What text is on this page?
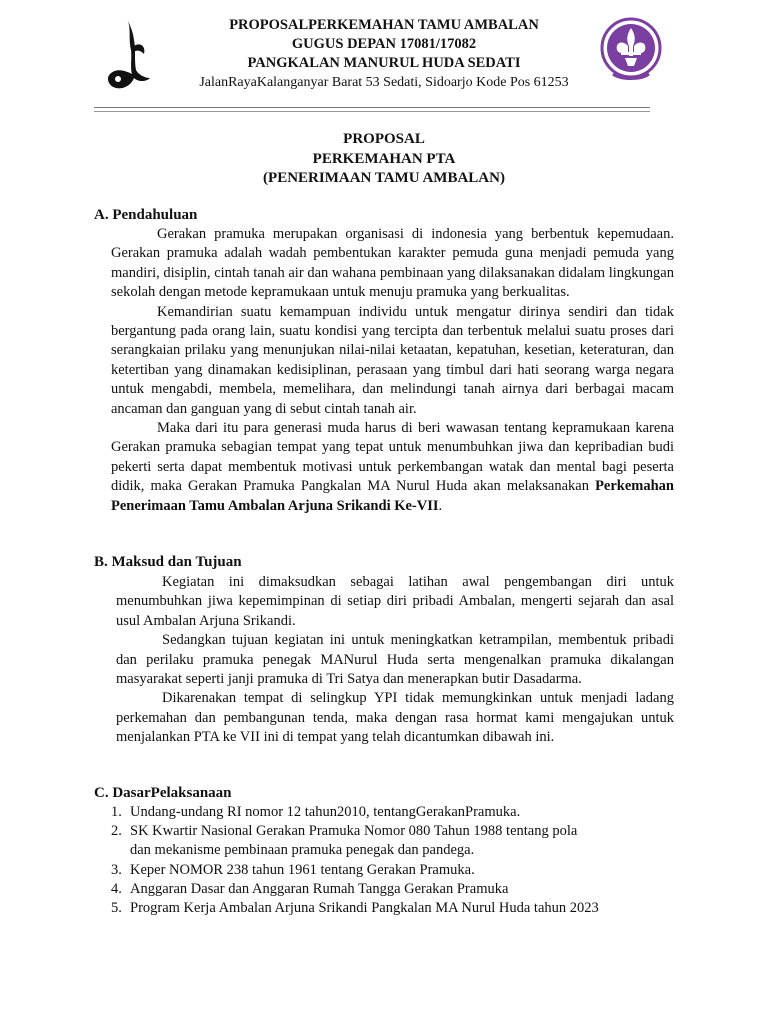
PROPOSALPERKEMAHAN TAMU AMBALAN
GUGUS DEPAN 17081/17082
PANGKALAN MANURUL HUDA SEDATI
JalanRayaKalanganyar Barat 53 Sedati, Sidoarjo Kode Pos 61253
PROPOSAL
PERKEMAHAN PTA
(PENERIMAAN TAMU AMBALAN)
A. Pendahuluan

Gerakan pramuka merupakan organisasi di indonesia yang berbentuk kepemudaan. Gerakan pramuka adalah wadah pembentukan karakter pemuda guna menjadi pemuda yang mandiri, disiplin, cintah tanah air dan wahana pembinaan yang dilaksanakan didalam lingkungan sekolah dengan metode kepramukaan untuk menuju pramuka yang berkualitas.

Kemandirian suatu kemampuan individu untuk mengatur dirinya sendiri dan tidak bergantung pada orang lain, suatu kondisi yang tercipta dan terbentuk melalui suatu proses dari serangkaian prilaku yang menunjukan nilai-nilai ketaatan, kepatuhan, kesetian, keteraturan, dan ketertiban yang dinamakan kedisiplinan, perasaan yang timbul dari hati seorang warga negara untuk mengabdi, membela, memelihara, dan melindungi tanah airnya dari berbagai macam ancaman dan ganguan yang di sebut cintah tanah air.

Maka dari itu para generasi muda harus di beri wawasan tentang kepramukaan karena Gerakan pramuka sebagian tempat yang tepat untuk menumbuhkan jiwa dan kepribadian budi pekerti serta dapat membentuk motivasi untuk perkembangan watak dan mental bagi peserta didik, maka Gerakan Pramuka Pangkalan MA Nurul Huda akan melaksanakan Perkemahan Penerimaan Tamu Ambalan Arjuna Srikandi Ke-VII.

B. Maksud dan Tujuan

Kegiatan ini dimaksudkan sebagai latihan awal pengembangan diri untuk menumbuhkan jiwa kepemimpinan di setiap diri pribadi Ambalan, mengerti sejarah dan asal usul Ambalan Arjuna Srikandi.

Sedangkan tujuan kegiatan ini untuk meningkatkan ketrampilan, membentuk pribadi dan perilaku pramuka penegak MANurul Huda serta mengenalkan pramuka dikalangan masyarakat seperti janji pramuka di Tri Satya dan menerapkan butir Dasadarma.

Dikarenakan tempat di selingkup YPI tidak memungkinkan untuk menjadi ladang perkemahan dan pembangunan tenda, maka dengan rasa hormat kami mengajukan untuk menjalankan PTA ke VII ini di tempat yang telah dicantumkan dibawah ini.

C. DasarPelaksanaan
1. Undang-undang RI nomor 12 tahun2010, tentangGerakanPramuka.
2. SK Kwartir Nasional Gerakan Pramuka Nomor 080 Tahun 1988 tentang pola
dan mekanisme pembinaan pramuka penegak dan pandega.
3. Keper NOMOR 238 tahun 1961 tentang Gerakan Pramuka.
4. Anggaran Dasar dan Anggaran Rumah Tangga Gerakan Pramuka
5. Program Kerja Ambalan Arjuna Srikandi Pangkalan MA Nurul Huda tahun 2023
